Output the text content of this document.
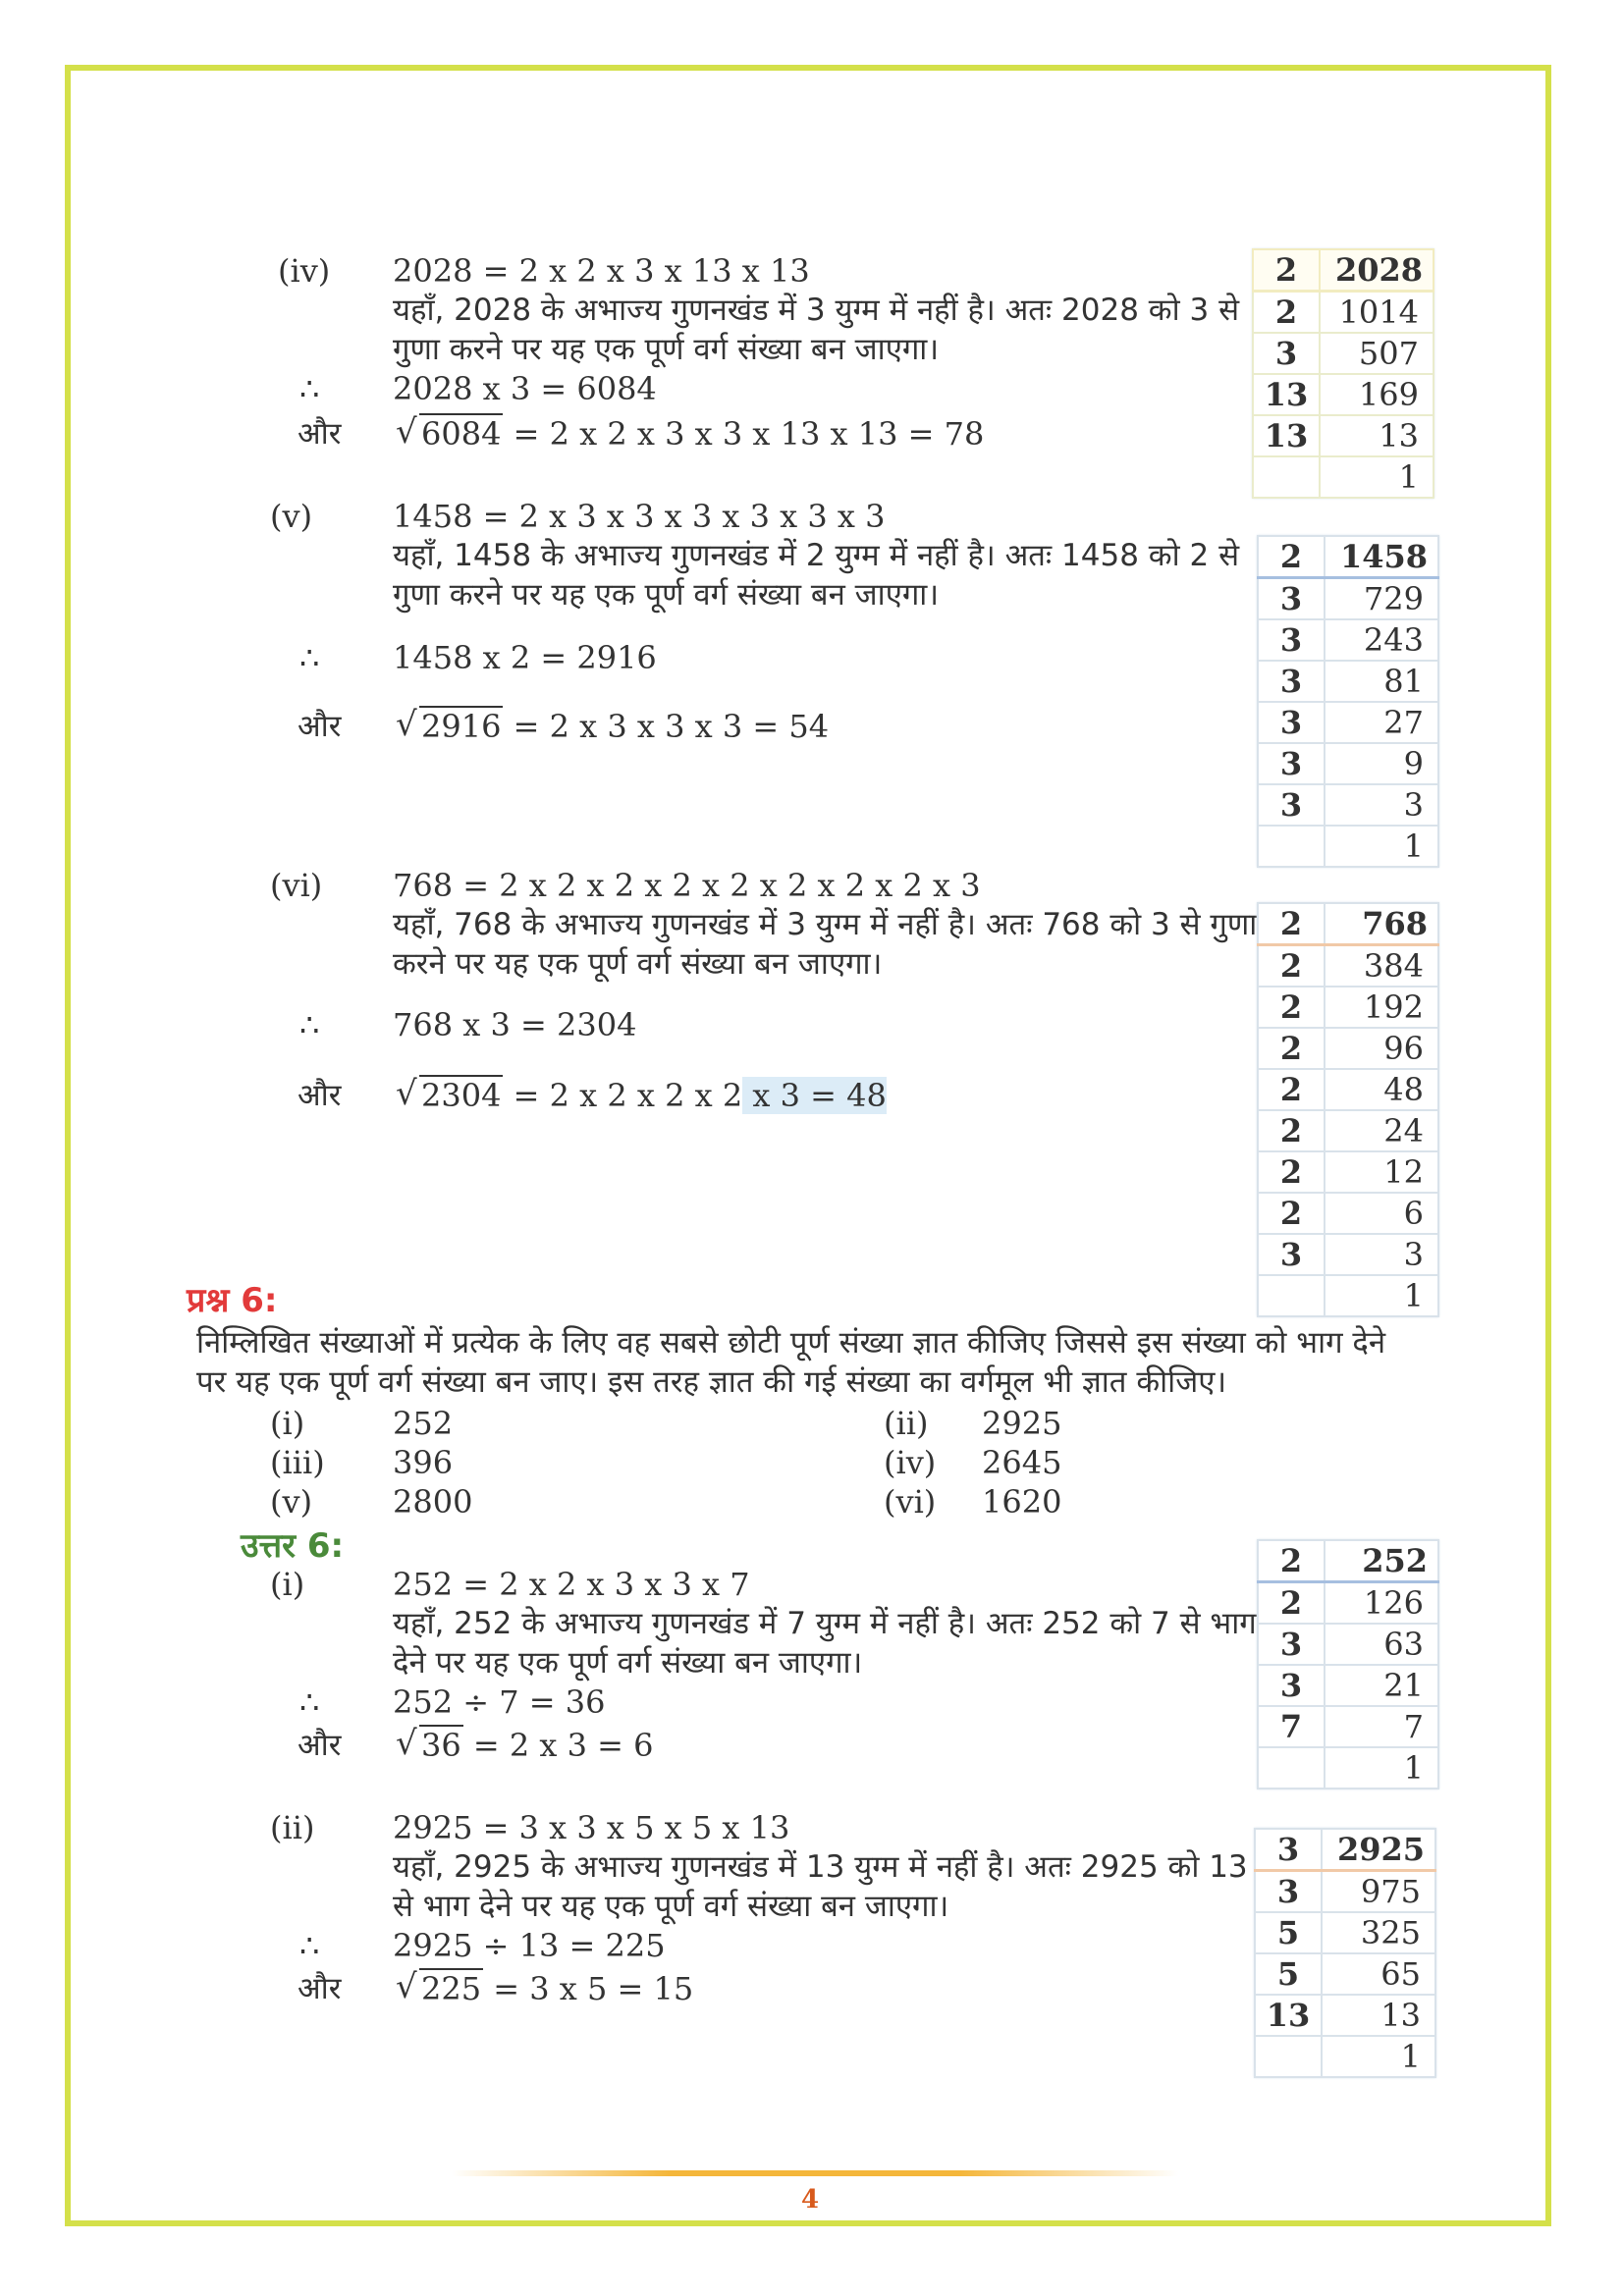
(iv) 2028 = 2 x 2 x 3 x 13 x 13
यहाँ, 2028 के अभाज्य गुणनखंड में 3 युग्म में नहीं है। अतः 2028 को 3 से
गुणा करने पर यह एक पूर्ण वर्ग संख्या बन जाएगा।
∴ 2028 x 3 = 6084
और √ 6084 = 2 x 2 x 3 x 3 x 13 x 13 = 78
2	2028
2	1014
3	507
13	169
13	13
	1
(v)	1458 = 2 x 3 x 3 x 3 x 3 x 3 x 3
यहाँ, 1458 के अभाज्य गुणनखंड में 2 युग्म में नहीं है। अतः 1458 को 2 से
गुणा करने पर यह एक पूर्ण वर्ग संख्या बन जाएगा।
∴ 1458 x 2 = 2916
और √ 2916 = 2 x 3 x 3 x 3 = 54
2	1458
3	729
3	243
3	81
3	27
3	9
3	3
	1
(vi) 768 = 2 x 2 x 2 x 2 x 2 x 2 x 2 x 2 x 3
यहाँ, 768 के अभाज्य गुणनखंड में 3 युग्म में नहीं है। अतः 768 को 3 से गुणा
करने पर यह एक पूर्ण वर्ग संख्या बन जाएगा।
∴ 768 x 3 = 2304
और √ 2304 = 2 x 2 x 2 x 2 x 3 = 48
2	768
2	384
2	192
2	96
2	48
2	24
2	12
2	6
3	3
	1
प्रश्न 6:
निम्लिखित संख्याओं में प्रत्येक के लिए वह सबसे छोटी पूर्ण संख्या ज्ञात कीजिए जिससे इस संख्या को भाग देने
पर यह एक पूर्ण वर्ग संख्या बन जाए। इस तरह ज्ञात की गई संख्या का वर्गमूल भी ज्ञात कीजिए।
(i)	252	(ii) 2925
(iii) 396	(iv) 2645
(v)	2800	(vi) 1620
उत्तर 6:
(i)	252 = 2 x 2 x 3 x 3 x 7
यहाँ, 252 के अभाज्य गुणनखंड में 7 युग्म में नहीं है। अतः 252 को 7 से भाग
देने पर यह एक पूर्ण वर्ग संख्या बन जाएगा।
∴ 252 ÷ 7 = 36
और √ 36 = 2 x 3 = 6
2	252
2	126
3	63
3	21
7	7
	1
(ii) 2925 = 3 x 3 x 5 x 5 x 13
यहाँ, 2925 के अभाज्य गुणनखंड में 13 युग्म में नहीं है। अतः 2925 को 13
से भाग देने पर यह एक पूर्ण वर्ग संख्या बन जाएगा।
∴ 2925 ÷ 13 = 225
और √ 225 = 3 x 5 = 15
3	2925
3	975
5	325
5	65
13	13
	1
4
